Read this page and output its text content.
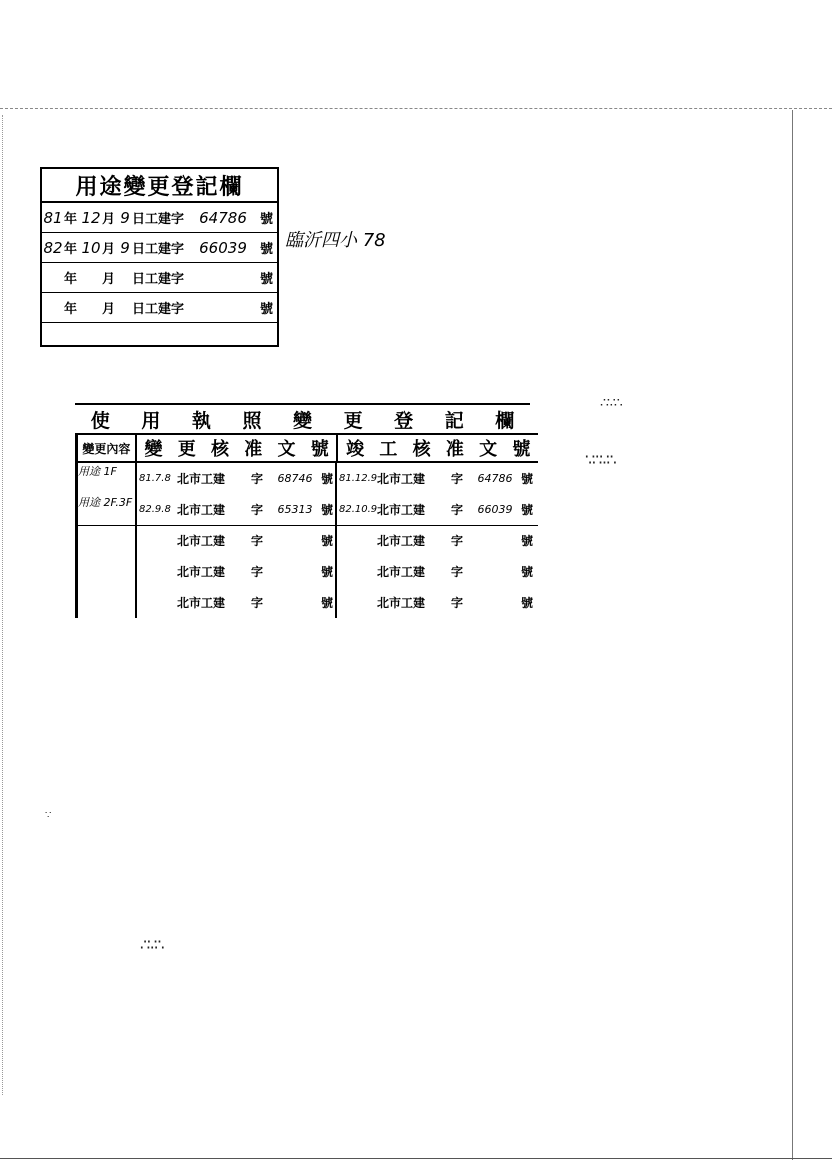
用途變更登記欄
81 年 12 月 9 日工建字	64786	號
82 年 10 月 9 日工建字	66039	號
年 月 日工建字	號
年 月 日工建字	號
臨沂四小 78
使	用	執	照	變	更	登	記	欄
變更內容 變 更 核 准 文 號 竣 工 核 准 文 號
用途 1F
81.7.8 北市工建	字	68746 號 81.12.9 北市工建	字	64786 號
用途 2F.3F
82.9.8 北市工建	字	65313 號 82.10.9 北市工建	字	66039 號
北市工建	字	號	北市工建	字	號
北市工建	字	號	北市工建	字	號
北市工建	字	號	北市工建	字	號
∴∵∴
∵∴∵∴
∴∵∴
∵
